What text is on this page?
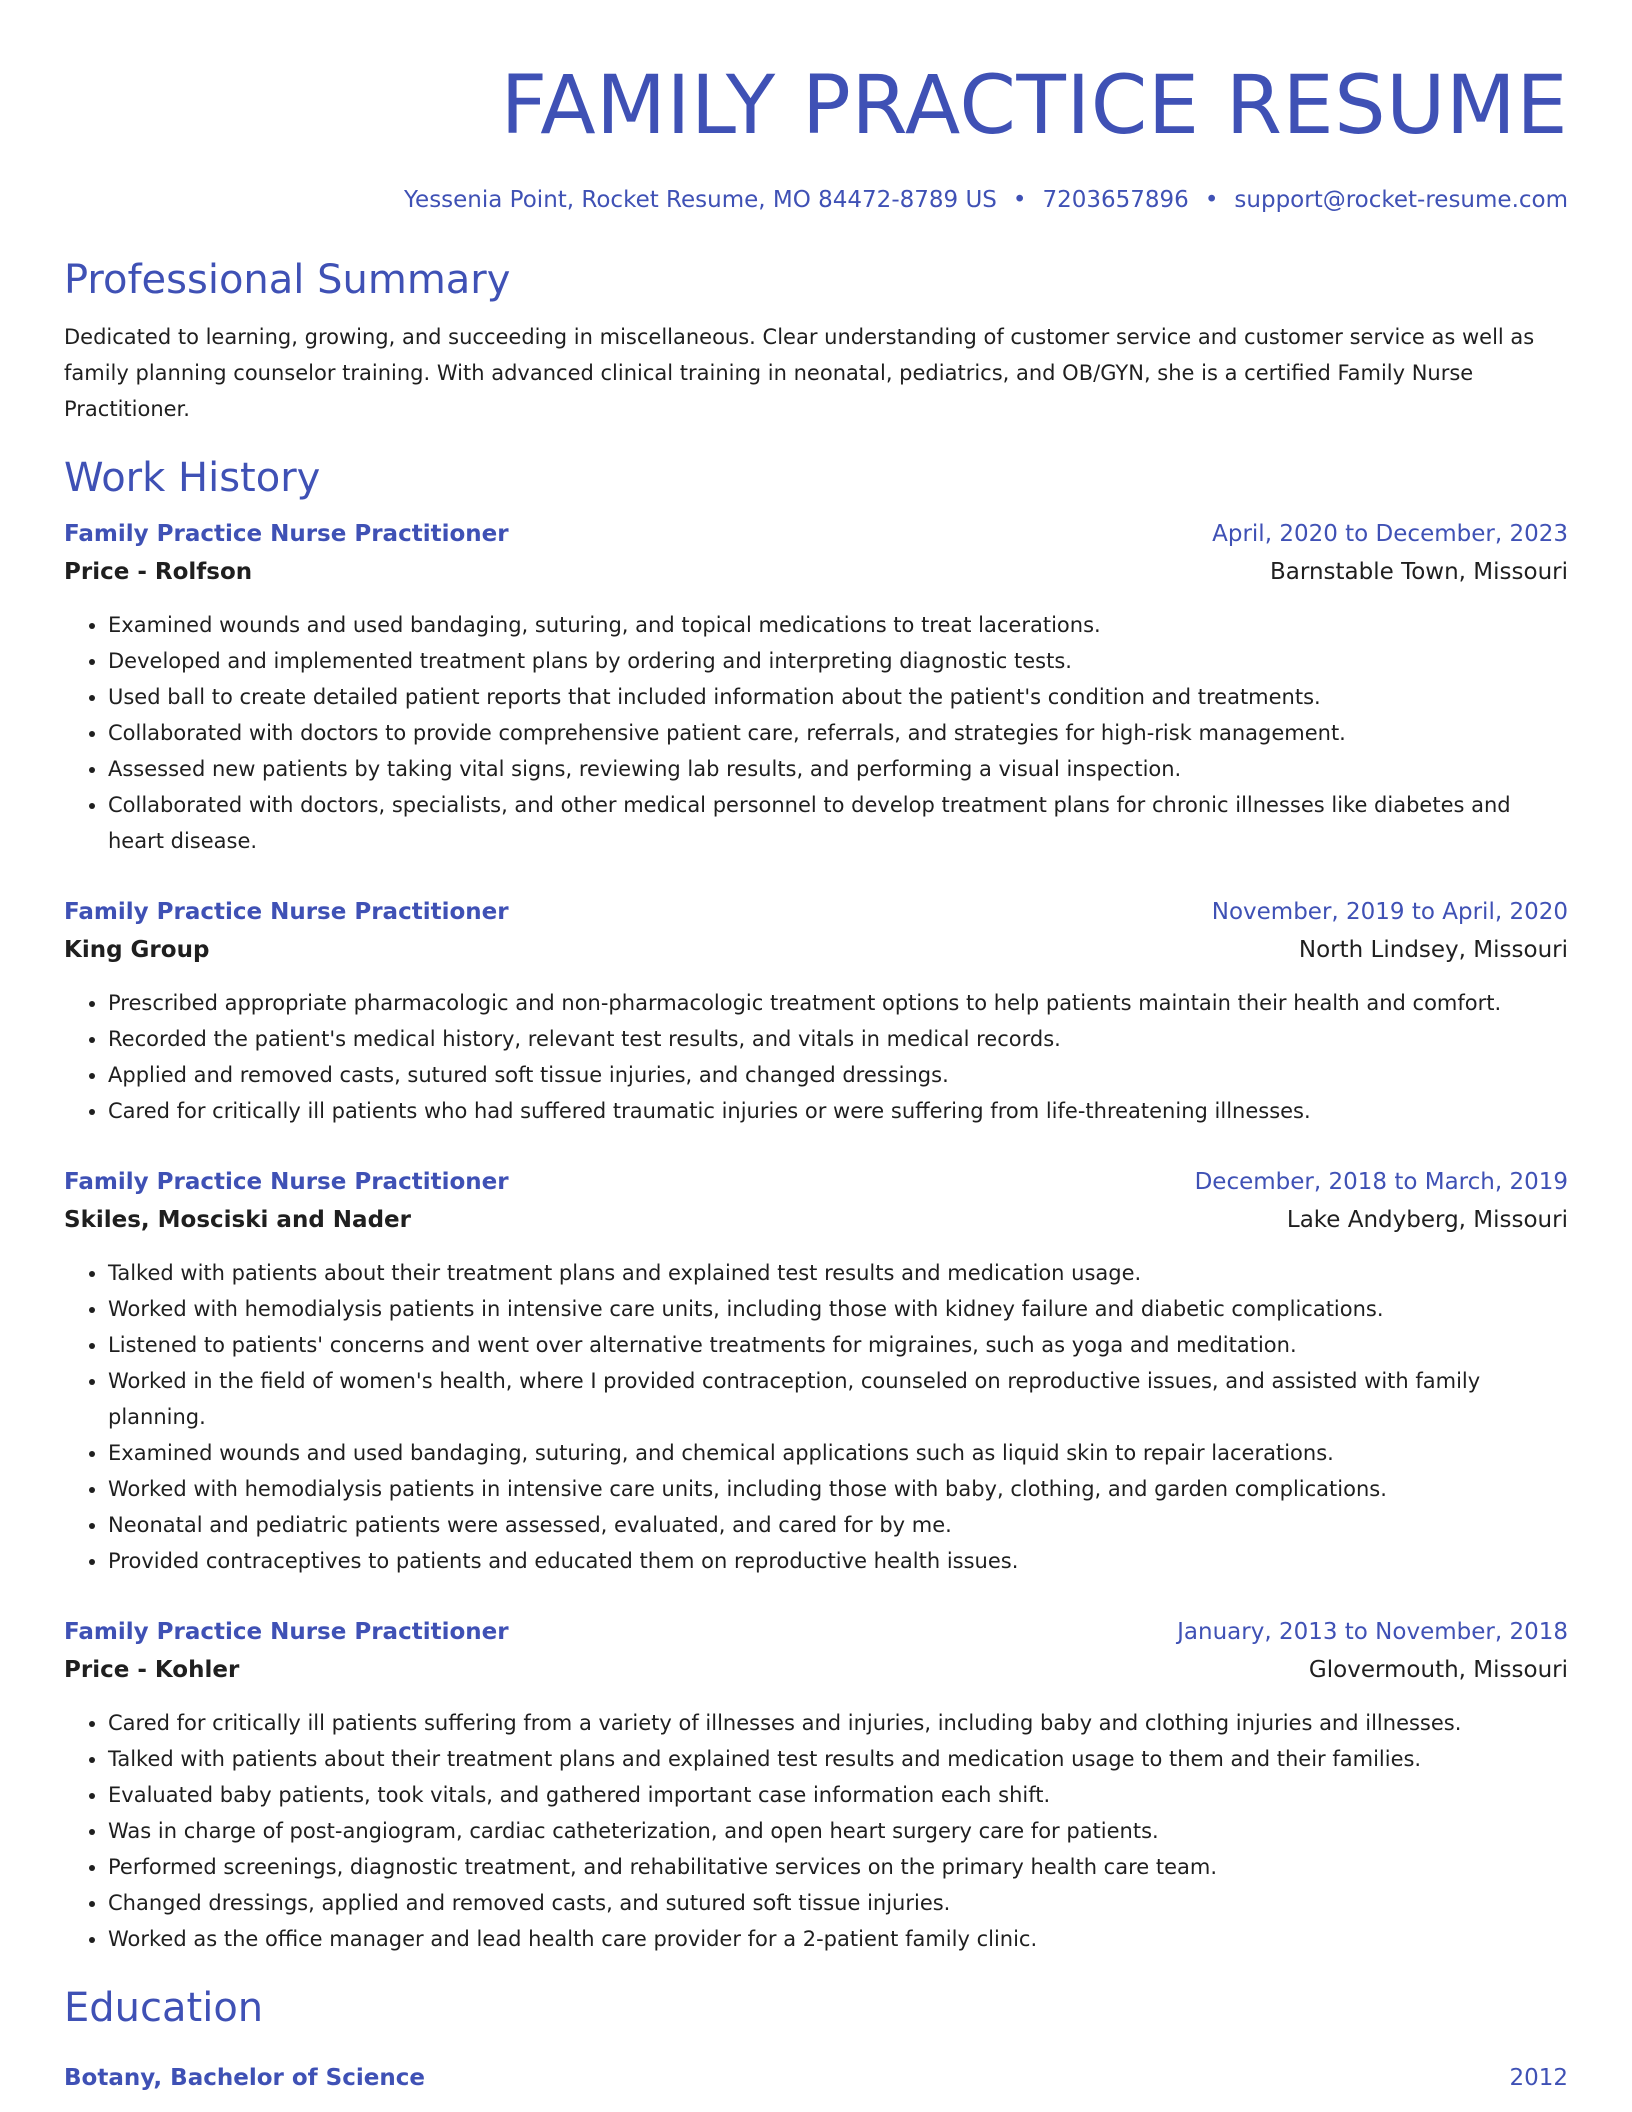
FAMILY PRACTICE RESUME
Yessenia Point, Rocket Resume, MO 84472-8789 US • 7203657896 • support@rocket-resume.com
Professional Summary
Dedicated to learning, growing, and succeeding in miscellaneous. Clear understanding of customer service and customer service as well as family planning counselor training. With advanced clinical training in neonatal, pediatrics, and OB/GYN, she is a certified Family Nurse Practitioner.
Work History
Family Practice Nurse Practitioner	April, 2020 to December, 2023
Price - Rolfson	Barnstable Town, Missouri
• Examined wounds and used bandaging, suturing, and topical medications to treat lacerations.
• Developed and implemented treatment plans by ordering and interpreting diagnostic tests.
• Used ball to create detailed patient reports that included information about the patient's condition and treatments.
• Collaborated with doctors to provide comprehensive patient care, referrals, and strategies for high-risk management.
• Assessed new patients by taking vital signs, reviewing lab results, and performing a visual inspection.
• Collaborated with doctors, specialists, and other medical personnel to develop treatment plans for chronic illnesses like diabetes and heart disease.
Family Practice Nurse Practitioner	November, 2019 to April, 2020
King Group	North Lindsey, Missouri
• Prescribed appropriate pharmacologic and non-pharmacologic treatment options to help patients maintain their health and comfort.
• Recorded the patient's medical history, relevant test results, and vitals in medical records.
• Applied and removed casts, sutured soft tissue injuries, and changed dressings.
• Cared for critically ill patients who had suffered traumatic injuries or were suffering from life-threatening illnesses.
Family Practice Nurse Practitioner	December, 2018 to March, 2019
Skiles, Mosciski and Nader	Lake Andyberg, Missouri
• Talked with patients about their treatment plans and explained test results and medication usage.
• Worked with hemodialysis patients in intensive care units, including those with kidney failure and diabetic complications.
• Listened to patients' concerns and went over alternative treatments for migraines, such as yoga and meditation.
• Worked in the field of women's health, where I provided contraception, counseled on reproductive issues, and assisted with family planning.
• Examined wounds and used bandaging, suturing, and chemical applications such as liquid skin to repair lacerations.
• Worked with hemodialysis patients in intensive care units, including those with baby, clothing, and garden complications.
• Neonatal and pediatric patients were assessed, evaluated, and cared for by me.
• Provided contraceptives to patients and educated them on reproductive health issues.
Family Practice Nurse Practitioner	January, 2013 to November, 2018
Price - Kohler	Glovermouth, Missouri
• Cared for critically ill patients suffering from a variety of illnesses and injuries, including baby and clothing injuries and illnesses.
• Talked with patients about their treatment plans and explained test results and medication usage to them and their families.
• Evaluated baby patients, took vitals, and gathered important case information each shift.
• Was in charge of post-angiogram, cardiac catheterization, and open heart surgery care for patients.
• Performed screenings, diagnostic treatment, and rehabilitative services on the primary health care team.
• Changed dressings, applied and removed casts, and sutured soft tissue injuries.
• Worked as the office manager and lead health care provider for a 2-patient family clinic.
Education
Botany, Bachelor of Science	2012
